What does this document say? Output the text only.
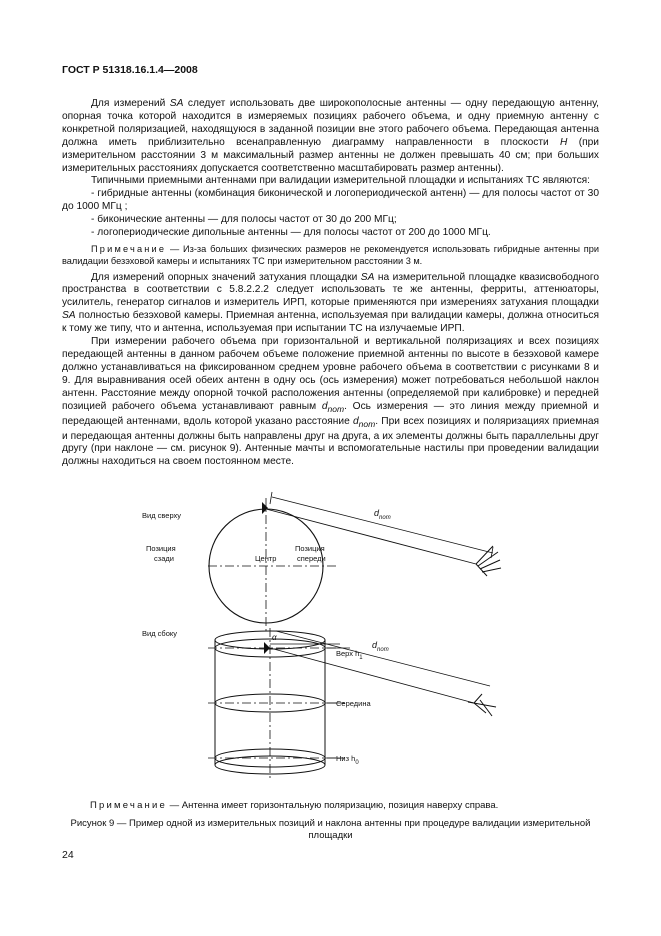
ГОСТ Р 51318.16.1.4—2008

Для измерений SA следует использовать две широкополосные антенны — одну передающую антенну, опорная точка которой находится в измеряемых позициях рабочего объема, и одну приемную антенну с конкретной поляризацией, находящуюся в заданной позиции вне этого рабочего объема. Передающая антенна должна иметь приблизительно всенаправленную диаграмму направленности в плоскости H (при измерительном расстоянии 3 м максимальный размер антенны не должен превышать 40 см; при больших измерительных расстояниях допускается соответственно масштабировать размер антенны).

Типичными приемными антеннами при валидации измерительной площадки и испытаниях ТС являются:

- гибридные антенны (комбинация биконической и логопериодической антенн) — для полосы частот от 30 до 1000 МГц ;

- биконические антенны — для полосы частот от 30 до 200 МГц;

- логопериодические дипольные антенны — для полосы частот от 200 до 1000 МГц.

Примечание — Из-за больших физических размеров не рекомендуется использовать гибридные антенны при валидации безэховой камеры и испытаниях ТС при измерительном расстоянии 3 м.

Для измерений опорных значений затухания площадки SA на измерительной площадке квазисвободного пространства в соответствии с 5.8.2.2.2 следует использовать те же антенны, ферриты, аттенюаторы, усилитель, генератор сигналов и измеритель ИРП, которые применяются при измерениях затухания площадки SA полностью безэховой камеры. Приемная антенна, используемая при валидации камеры, должна относиться к тому же типу, что и антенна, используемая при испытании ТС на излучаемые ИРП.

При измерении рабочего объема при горизонтальной и вертикальной поляризациях и всех позициях передающей антенны в данном рабочем объеме положение приемной антенны по высоте в безэховой камере должно устанавливаться на фиксированном среднем уровне рабочего объема в соответствии с рисунками 8 и 9. Для выравнивания осей обеих антенн в одну ось (ось измерения) может потребоваться небольшой наклон антенн. Расстояние между опорной точкой расположения антенны (определяемой при калибровке) и передней позицией рабочего объема устанавливают равным $d_{nom}$. Ось измерения — это линия между приемной и передающей антеннами, вдоль которой указано расстояние $d_{nom}$. При всех позициях и поляризациях приемная и передающая антенны должны быть направлены друг на друга, а их элементы должны быть параллельны друг другу (при наклоне — см. рисунок 9). Антенные мачты и вспомогательные настилы при проведении валидации должны находиться на своем постоянном месте.

Вид сверху
Позиция
сзади	Центр
Позиция
спереди
$d_{nom}$
Вид сбоку	α
$d_{nom}$
Верх $h_1$
Середина
Низ $h_0$
Примечание — Антенна имеет горизонтальную поляризацию, позиция наверху справа.
Рисунок 9 — Пример одной из измерительных позиций и наклона антенны при процедуре валидации измерительной площадки
24
